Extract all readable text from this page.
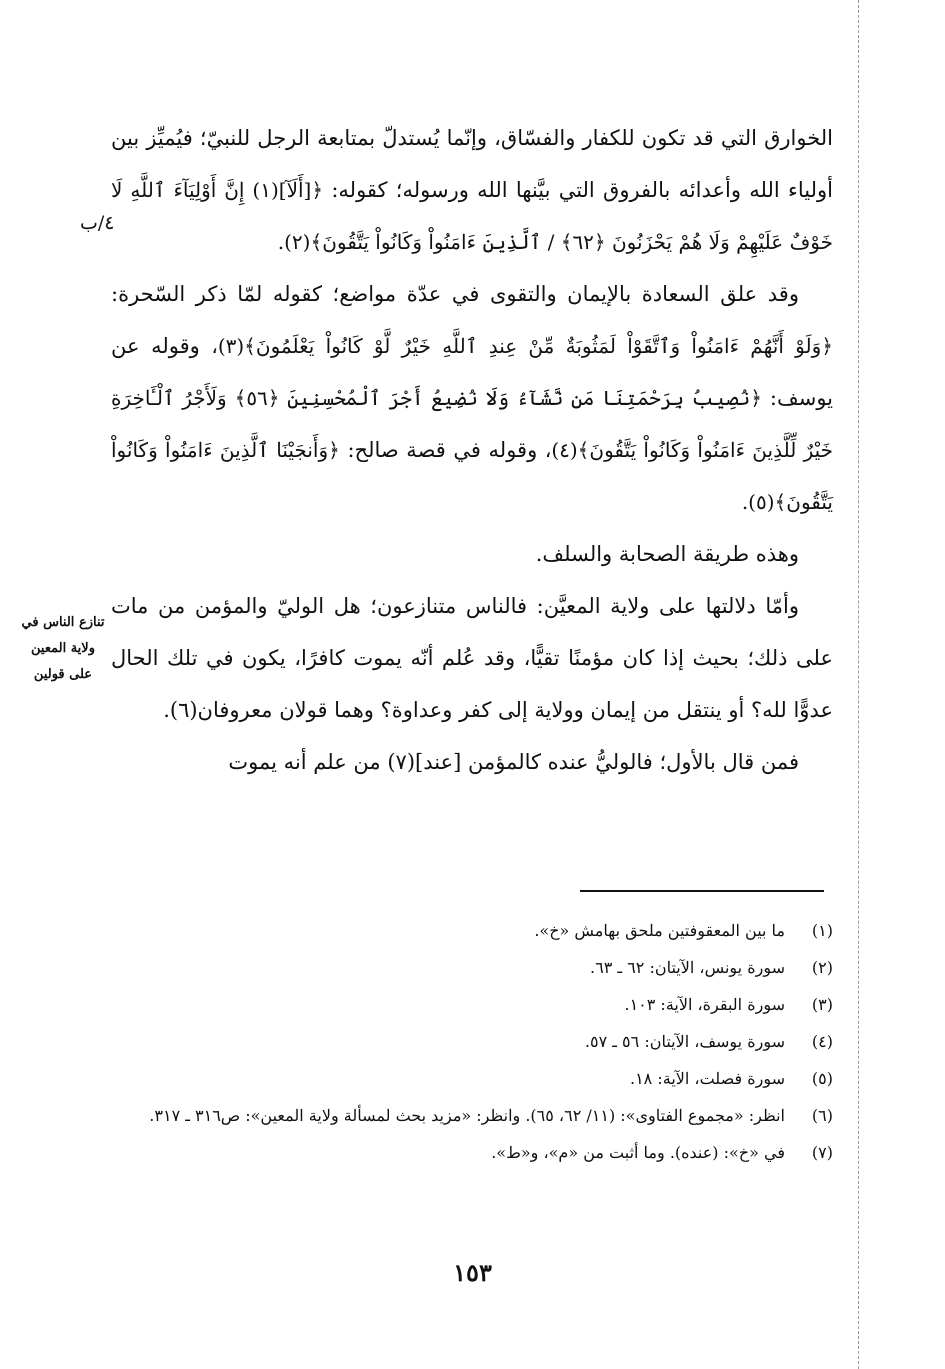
الخوارق التي قد تكون للكفار والفسّاق، وإنّما يُستدلّ بمتابعة الرجل للنبيّ؛ فيُميِّز بين أولياء الله وأعدائه بالفروق التي بيَّنها الله ورسوله؛ كقوله: ﴿[أَلَآ](١) إِنَّ أَوْلِيَآءَ ٱللَّهِ لَا خَوْفٌ عَلَيْهِمْ وَلَا هُمْ يَحْزَنُونَ ﴿٦٢﴾ / ٱلَّذِينَ ءَامَنُواْ وَكَانُواْ يَتَّقُونَ﴾(٢).

وقد علق السعادة بالإيمان والتقوى في عدّة مواضع؛ كقوله لمّا ذكر السّحرة: ﴿وَلَوْ أَنَّهُمْ ءَامَنُواْ وَٱتَّقَوْاْ لَمَثُوبَةٌ مِّنْ عِندِ ٱللَّهِ خَيْرٌ لَّوْ كَانُواْ يَعْلَمُونَ﴾(٣)، وقوله عن يوسف: ﴿نُصِيبُ بِرَحْمَتِنَا مَن نَّشَآءُ وَلَا نُضِيعُ أَجْرَ ٱلْمُحْسِنِينَ ﴿٥٦﴾ وَلَأَجْرُ ٱلْـَٔاخِرَةِ خَيْرٌ لِّلَّذِينَ ءَامَنُواْ وَكَانُواْ يَتَّقُونَ﴾(٤)، وقوله في قصة صالح: ﴿وَأَنجَيْنَا ٱلَّذِينَ ءَامَنُواْ وَكَانُواْ يَتَّقُونَ﴾(٥).

وهذه طريقة الصحابة والسلف.

وأمّا دلالتها على ولاية المعيَّن: فالناس متنازعون؛ هل الوليّ والمؤمن من مات على ذلك؛ بحيث إذا كان مؤمنًا تقيًّا، وقد عُلم أنّه يموت كافرًا، يكون في تلك الحال عدوًّا لله؟ أو ينتقل من إيمان وولاية إلى كفر وعداوة؟ وهما قولان معروفان(٦).

فمن قال بالأول؛ فالوليُّ عنده كالمؤمن [عند](٧) من علم أنه يموت

٤/ب
تنازع الناس في ولاية المعين على قولين
(١)
ما بين المعقوفتين ملحق بهامش «خ».
(٢)
سورة يونس، الآيتان: ٦٢ ـ ٦٣.
(٣)
سورة البقرة، الآية: ١٠٣.
(٤)
سورة يوسف، الآيتان: ٥٦ ـ ٥٧.
(٥)
سورة فصلت، الآية: ١٨.
(٦)
انظر: «مجموع الفتاوى»: (١١/ ٦٢، ٦٥). وانظر: «مزيد بحث لمسألة ولاية المعين»: ص٣١٦ ـ ٣١٧.
(٧)
في «خ»: (عنده). وما أثبت من «م»، و«ط».
١٥٣
